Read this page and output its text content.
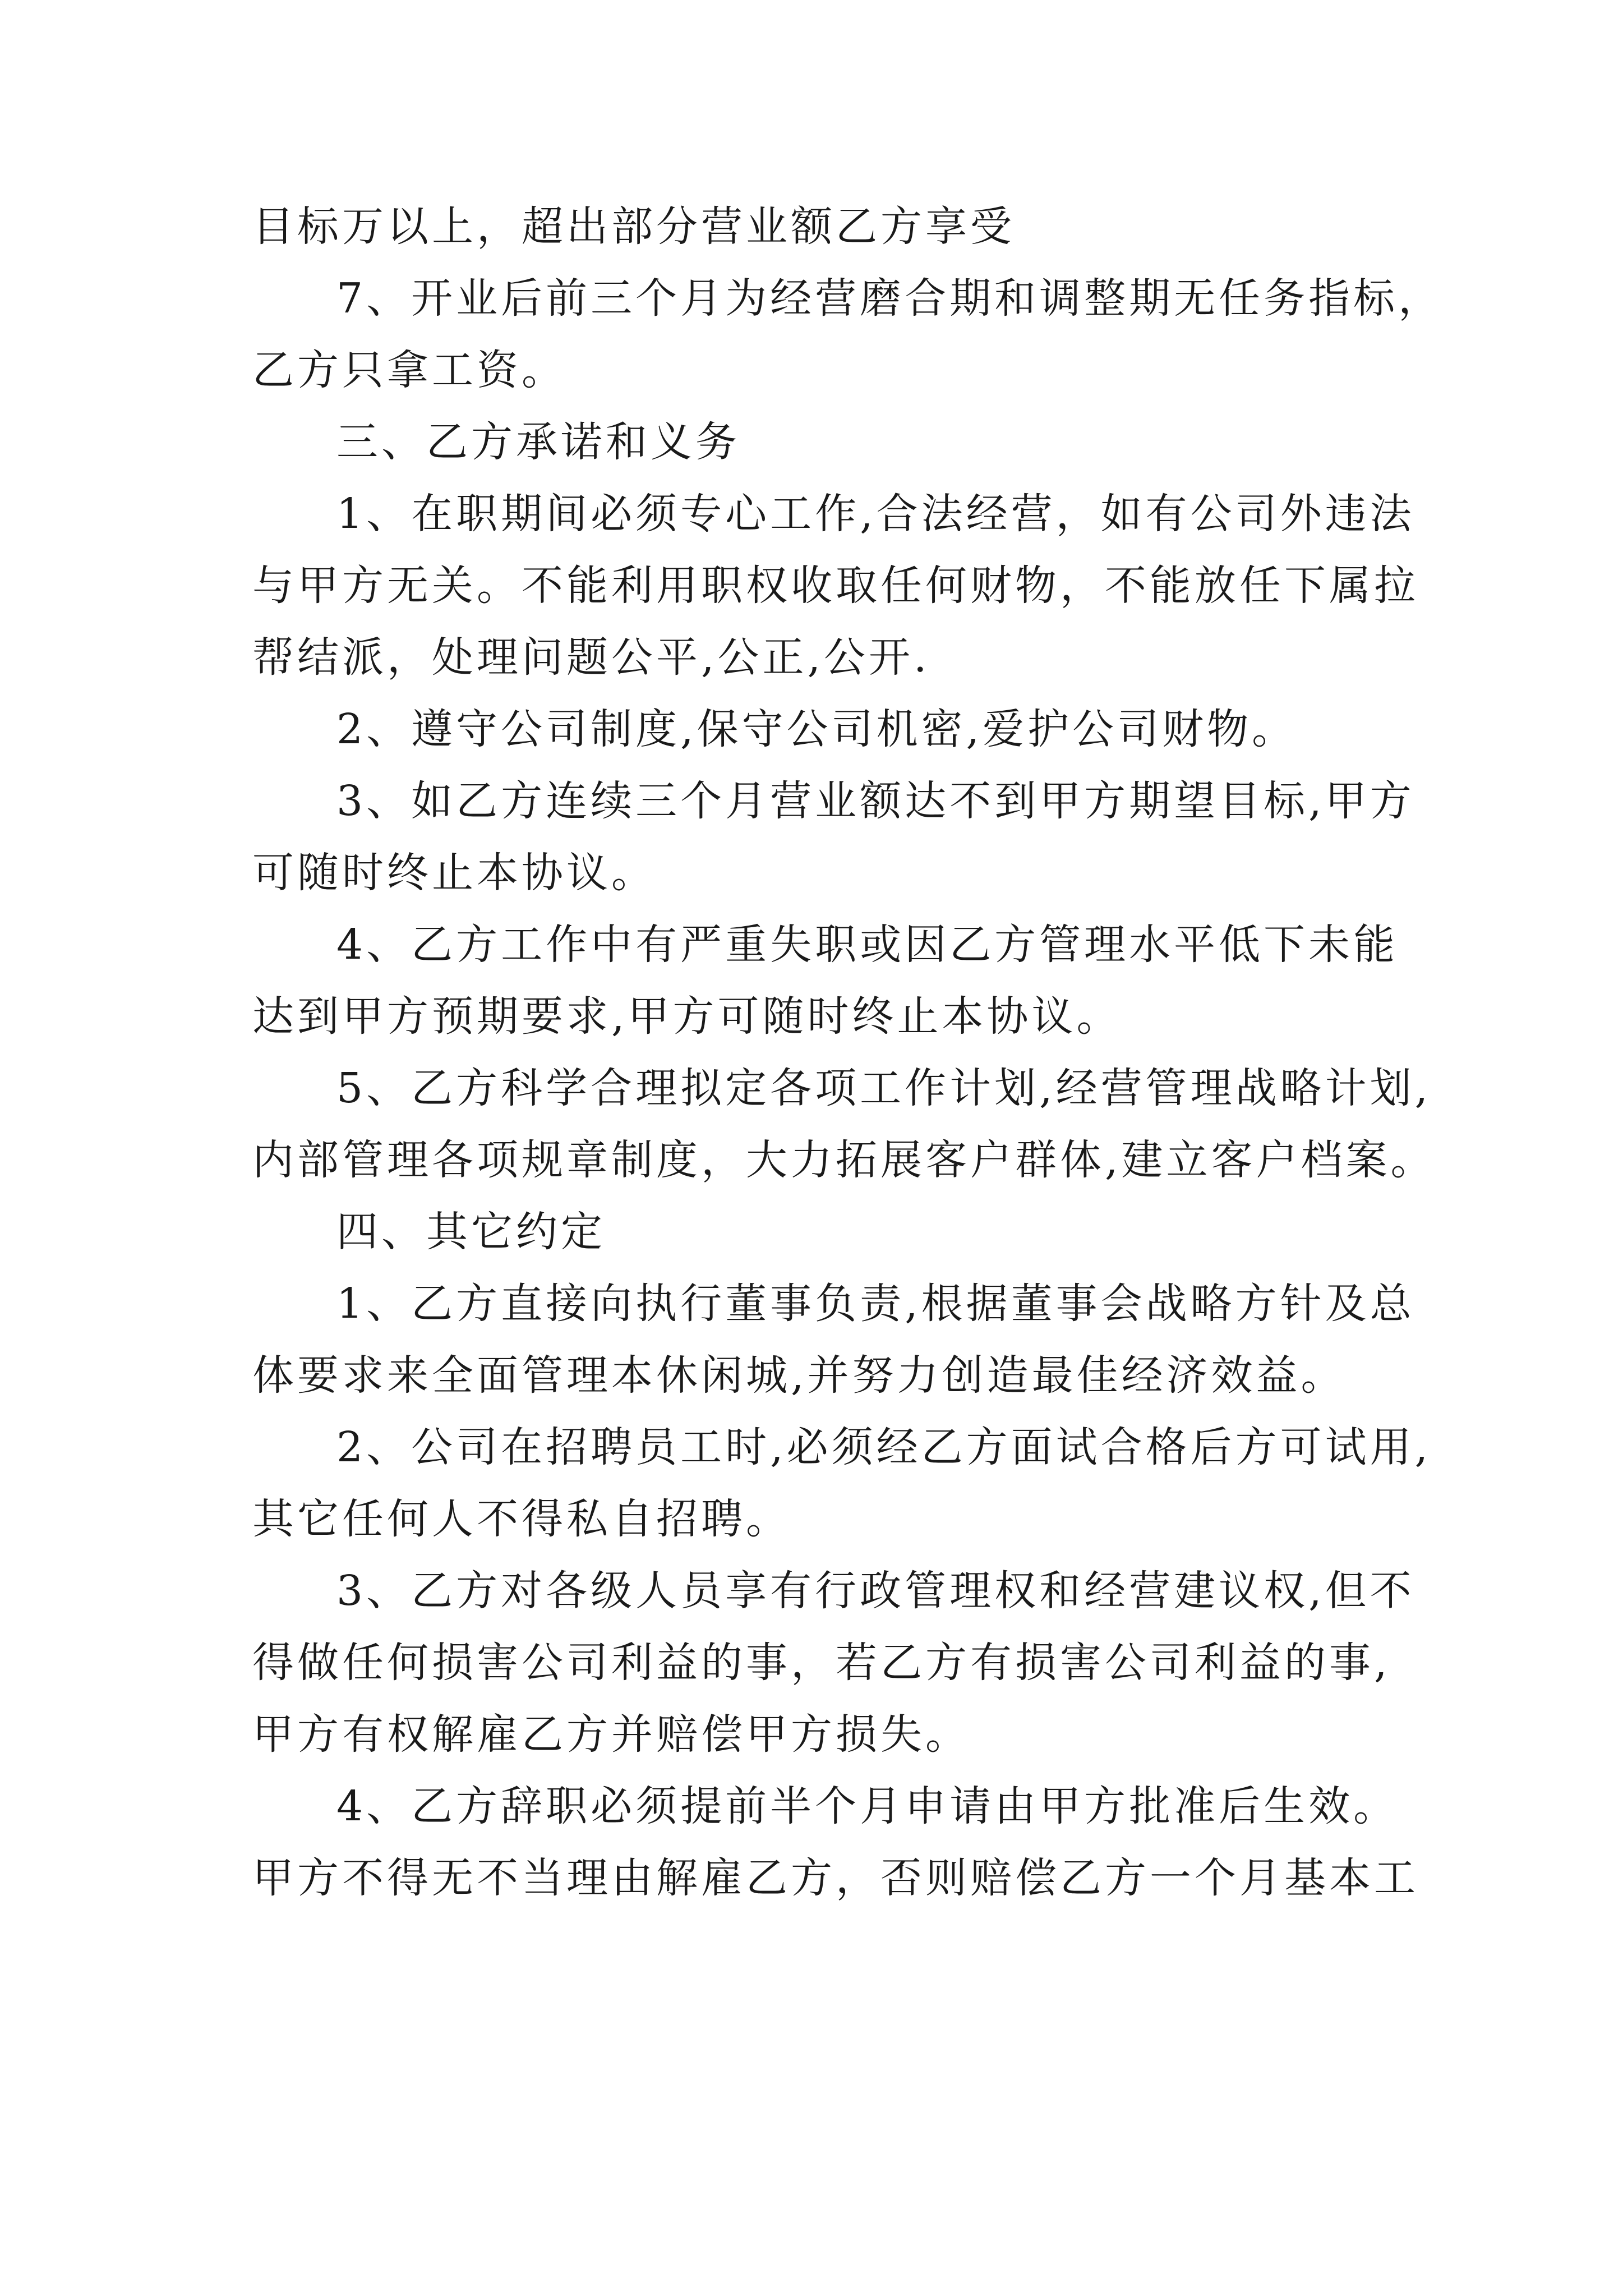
目标万以上，超出部分营业额乙方享受
7、开业后前三个月为经营磨合期和调整期无任务指标，
乙方只拿工资。
三、乙方承诺和义务
1、在职期间必须专心工作,合法经营，如有公司外违法
与甲方无关。不能利用职权收取任何财物，不能放任下属拉
帮结派，处理问题公平,公正,公开.
2、遵守公司制度,保守公司机密,爱护公司财物。
3、如乙方连续三个月营业额达不到甲方期望目标,甲方
可随时终止本协议。
4、乙方工作中有严重失职或因乙方管理水平低下未能
达到甲方预期要求,甲方可随时终止本协议。
5、乙方科学合理拟定各项工作计划,经营管理战略计划,
内部管理各项规章制度，大力拓展客户群体,建立客户档案。
四、其它约定
1、乙方直接向执行董事负责,根据董事会战略方针及总
体要求来全面管理本休闲城,并努力创造最佳经济效益。
2、公司在招聘员工时,必须经乙方面试合格后方可试用,
其它任何人不得私自招聘。
3、乙方对各级人员享有行政管理权和经营建议权,但不
得做任何损害公司利益的事，若乙方有损害公司利益的事,
甲方有权解雇乙方并赔偿甲方损失。
4、乙方辞职必须提前半个月申请由甲方批准后生效。
甲方不得无不当理由解雇乙方，否则赔偿乙方一个月基本工
